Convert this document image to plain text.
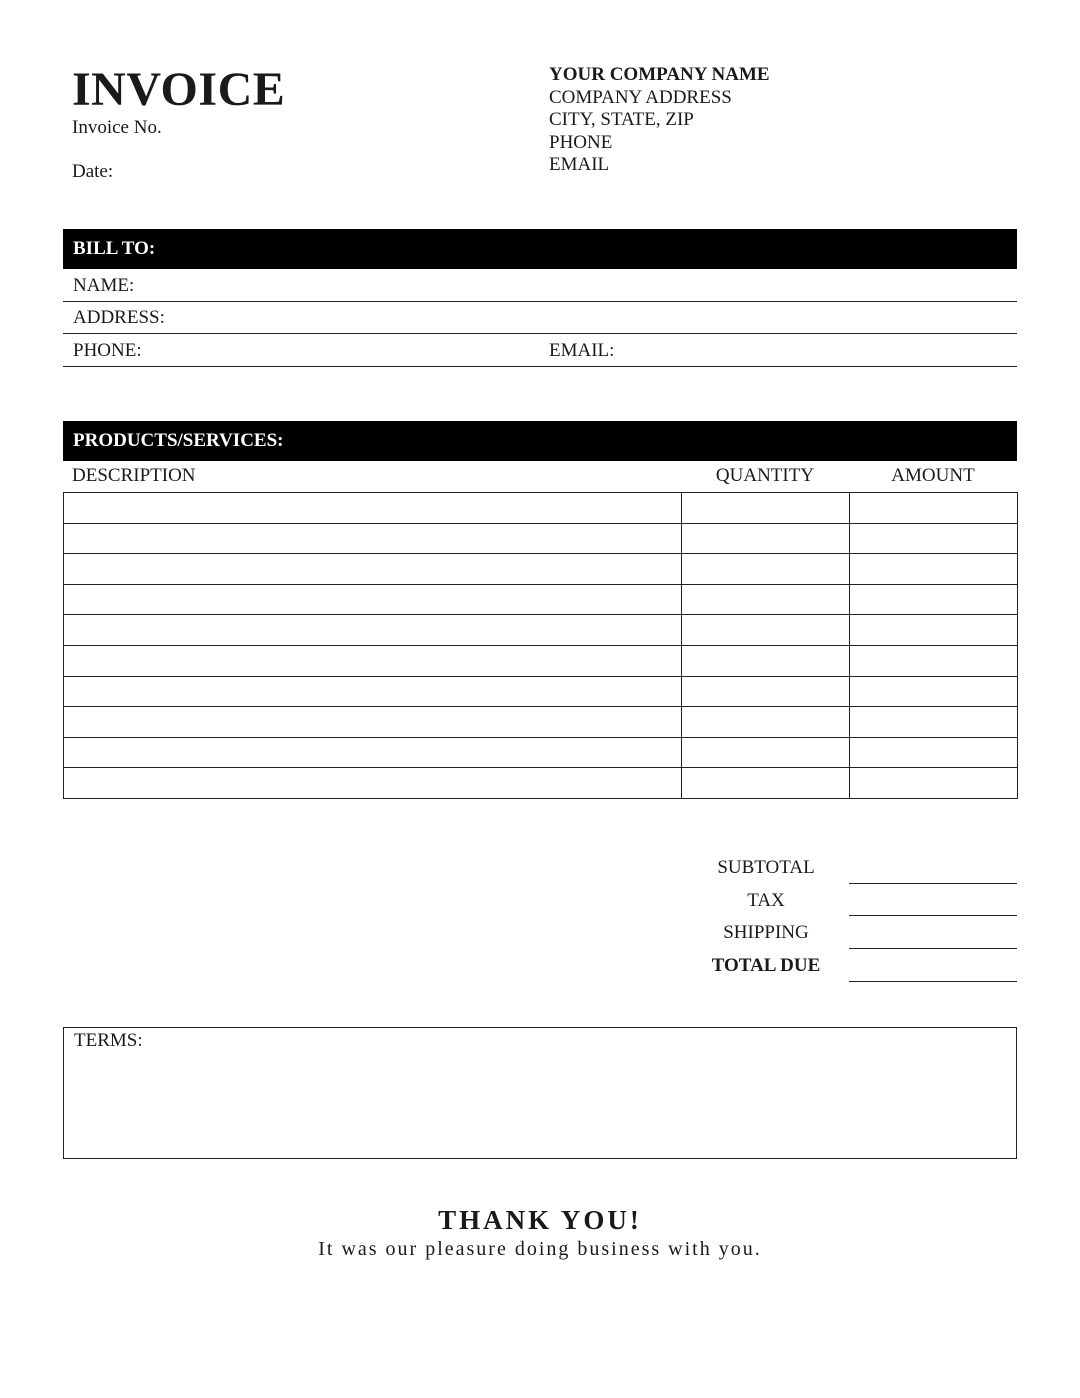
INVOICE
Invoice No.
Date:
YOUR COMPANY NAME
COMPANY ADDRESS
CITY, STATE, ZIP
PHONE
EMAIL
BILL TO:
NAME:
ADDRESS:
PHONE:	EMAIL:
PRODUCTS/SERVICES:
DESCRIPTION	QUANTITY	AMOUNT

SUBTOTAL
TAX
SHIPPING
TOTAL DUE
TERMS:
THANK YOU!
It was our pleasure doing business with you.
